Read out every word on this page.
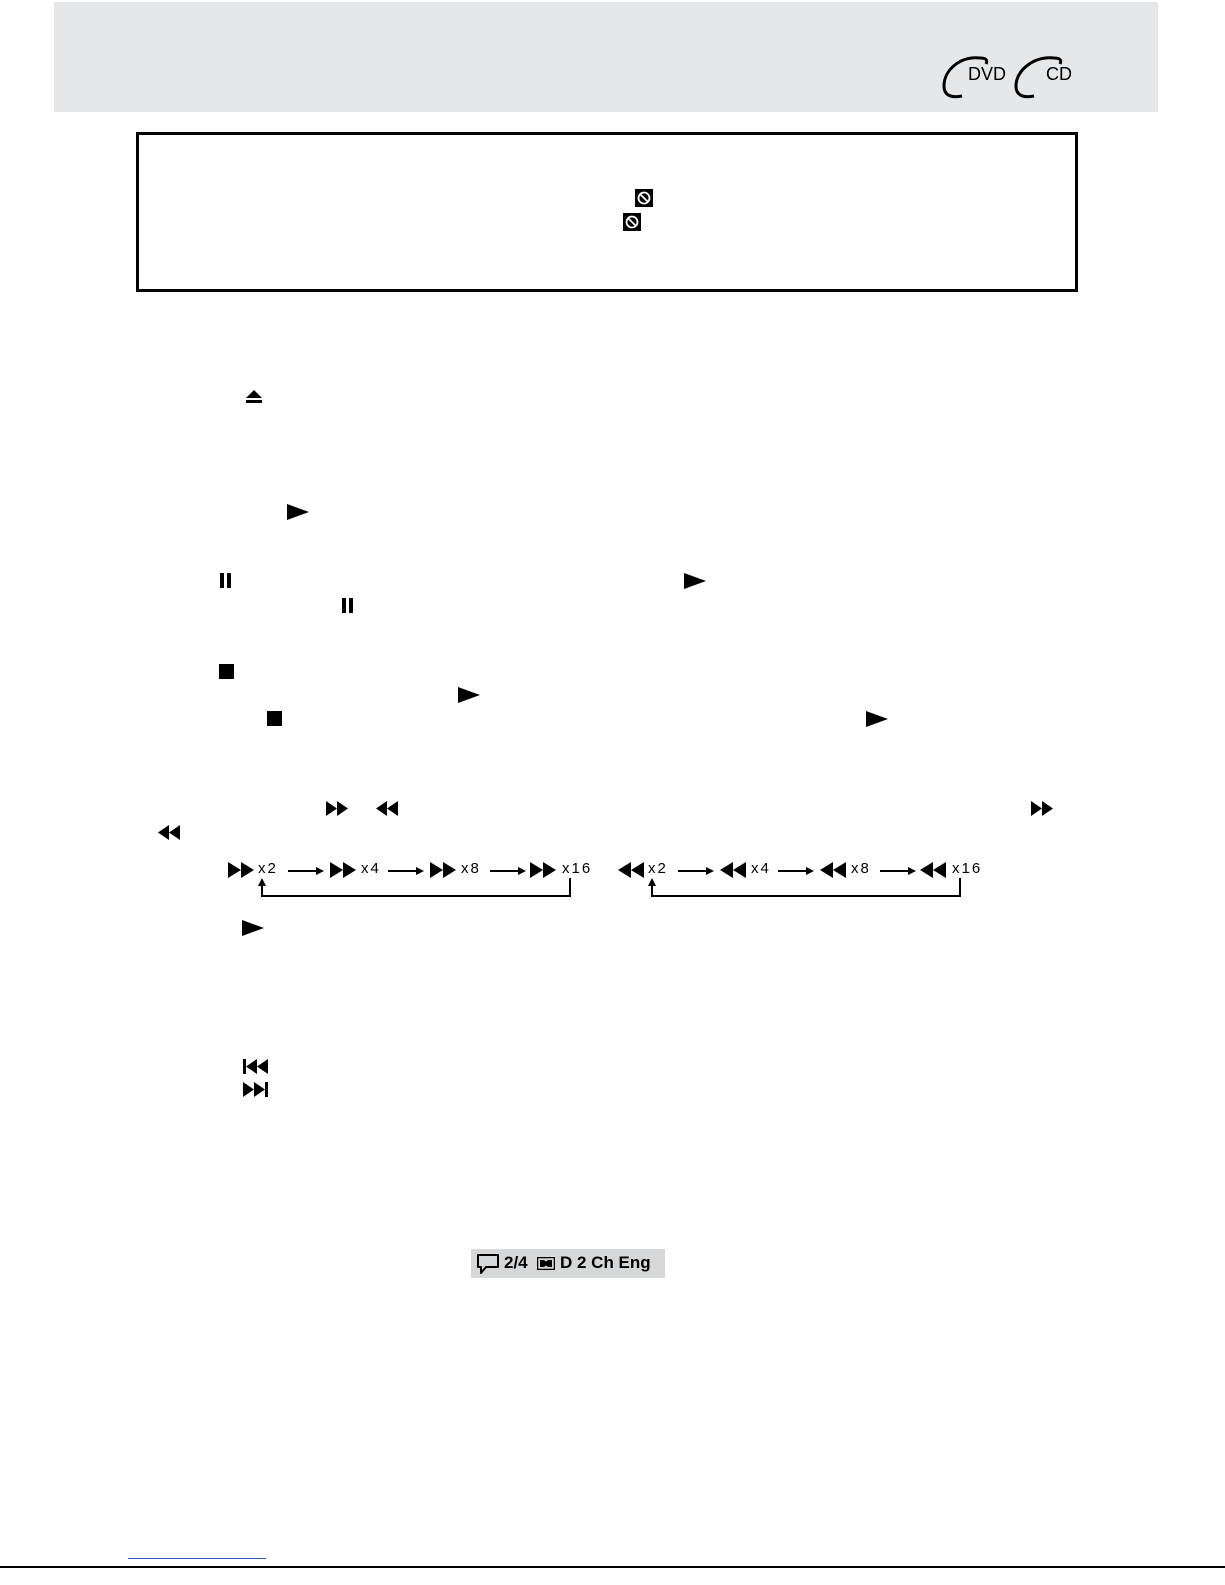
DVD CD
x2	x4	x8	x16	x2	x4	x8	x16
2/4 D 2 Ch Eng
